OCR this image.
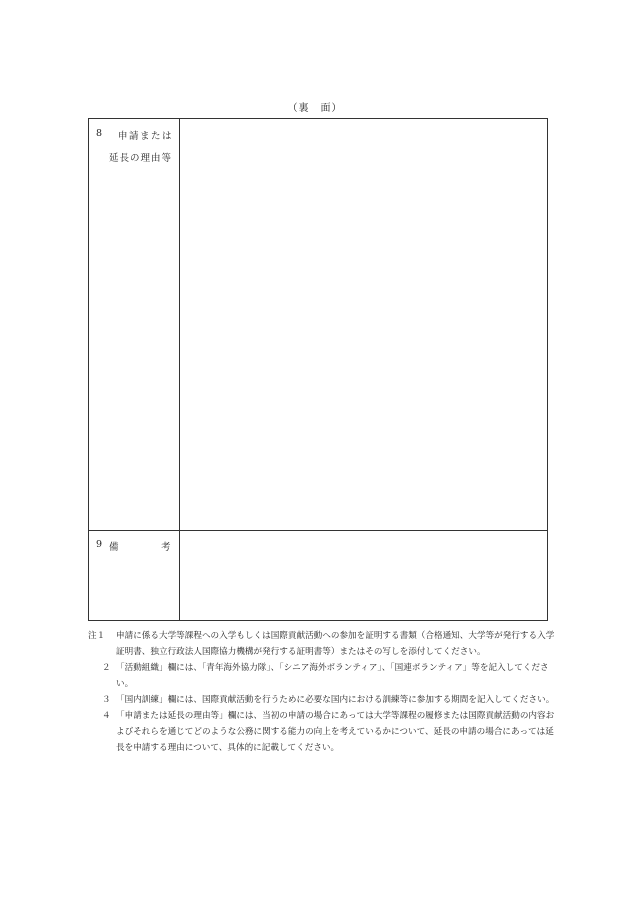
（裏　面）
8 申請または
延長の理由等
9 備	考
注１	申請に係る大学等課程への入学もしくは国際貢献活動への参加を証明する書類（合格通知、大学等が発行する入学証明書、独立行政法人国際協力機構が発行する証明書等）またはその写しを添付してください。
２ 「活動組織」欄には、「青年海外協力隊」、「シニア海外ボランティア」、「国連ボランティア」等を記入してください。
３ 「国内訓練」欄には、国際貢献活動を行うために必要な国内における訓練等に参加する期間を記入してください。
４ 「申請または延長の理由等」欄には、当初の申請の場合にあっては大学等課程の履修または国際貢献活動の内容およびそれらを通じてどのような公務に関する能力の向上を考えているかについて、延長の申請の場合にあっては延長を申請する理由について、具体的に記載してください。
